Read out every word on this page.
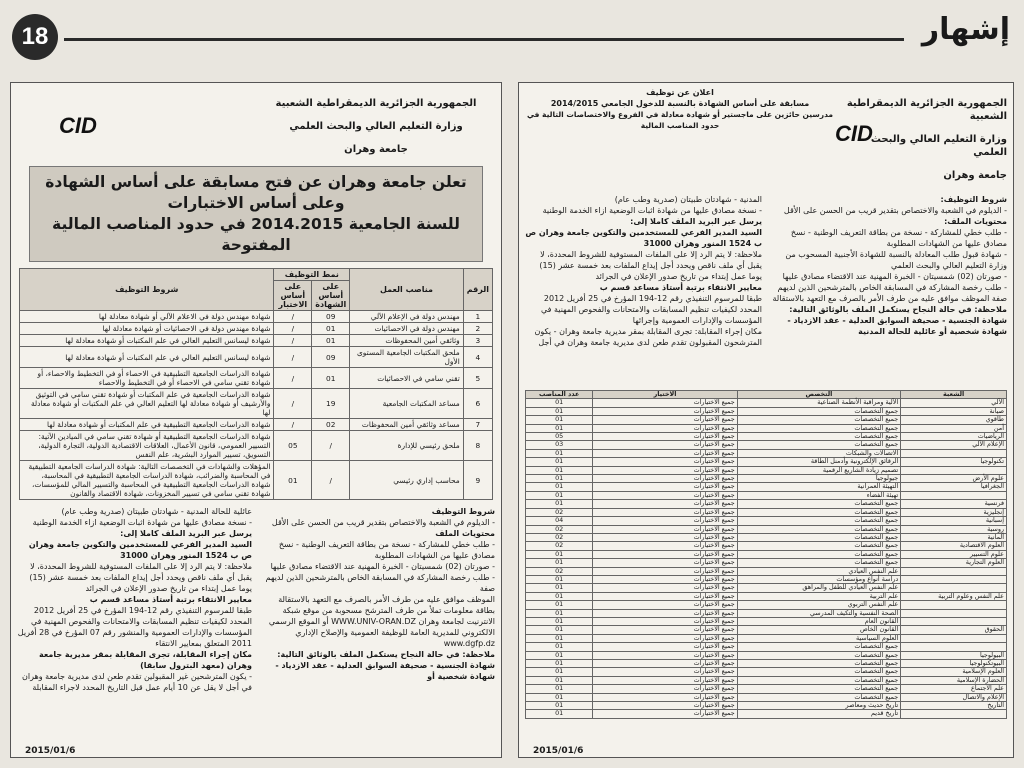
18	إشهار
CID

الجمهورية الجزائرية الديمقراطية الشعبية

وزارة التعليم العالي والبحث العلمي

جامعة وهران

اعلان عن توظيف

مسابقة على أساس الشهادة بالنسبة للدخول الجامعي 2014/2015

مدرسين حائزين على ماجستير أو شهادة معادلة في الفروع والاختصاصات التالية في حدود المناصب المالية

شروط التوظيف:

- الديلوم في الشعبة والاختصاص بتقدير قريب من الحسن على الأقل

محتويات الملف:

- طلب خطي للمشاركة - نسخة من بطاقة التعريف الوطنية - نسخ مصادق عليها من الشهادات المطلوبة

- شهادة قبول طلب المعادلة بالنسبة للشهادة الأجنبية المسحوب من وزارة التعليم العالي والبحث العلمي

- صورتان (02) شمسيتان - الخبرة المهنية عند الاقتضاء مصادق عليها

- طلب رخصة المشاركة في المسابقة الخاص بالمترشحين الذين لديهم صفة الموظف موافق عليه من طرف الأمر بالصرف مع التعهد بالاستقالة

ملاحظة: في حالة النجاح يستكمل الملف بالوثائق التالية: شهادة الجنسية - صحيفة السوابق العدلية - عقد الازدياد - شهادة شخصية أو عائلية للحالة المدنية

المدنية - شهادتان طبيتان (صدرية وطب عام)

- نسخة مصادق عليها من شهادة اثبات الوضعية ازاء الخدمة الوطنية

يرسل عبر البريد الملف كاملا إلى:

السيد المدير الفرعي للمستخدمين والتكوين جامعة وهران ص ب 1524 المنور وهران 31000

ملاحظة: لا يتم الرد إلا على الملفات المستوفية للشروط المحددة، لا يقبل أي ملف ناقص ويحدد أجل إيداع الملفات بعد خمسة عشر (15) يوما عمل إبتداء من تاريخ صدور الإعلان في الجرائد

معايير الانتقاء برتبة أستاذ مساعد قسم ب

طبقا للمرسوم التنفيذي رقم 12-194 المؤرخ في 25 أفريل 2012 المحدد لكيفيات تنظيم المسابقات والامتحانات والفحوص المهنية في المؤسسات والإدارات العمومية وإجرائها

مكان إجراء المقابلة: تجرى المقابلة بمقر مديرية جامعة وهران - يكون المترشحون المقبولون تقدم طعن لدى مديرية جامعة وهران في أجل

الشعبة	التخصص	الاختيار	عدد المناصب
الآلي	الآلية ومراقبة الأنظمة الصناعية	جميع الاختيارات	01
صيانة	جميع التخصصات	جميع الاختيارات	01
طاقوي	جميع التخصصات	جميع الاختيارات	01
أمن	جميع التخصصات	جميع الاختيارات	01
الرياضيات	جميع التخصصات	جميع الاختيارات	05
الإعلام الآلي	جميع التخصصات	جميع الاختيارات	03
	الاتصالات والشبكات	جميع الاختيارات	01
تكنولوجيا	الرقائق الإلكترونية وأدمنل الطاقة	جميع الاختيارات	01
	تصميم زيادة الشاريع الرقمية	جميع الاختيارات	01
علوم الأرض	جيولوجيا	جميع الاختيارات	01
الجغرافيا	التهيئة العمرانية	جميع الاختيارات	01
	تهيئة الفضاء	جميع الاختيارات	01
فرنسية	جميع التخصصات	جميع الاختيارات	01
إنجليزية	جميع التخصصات	جميع الاختيارات	02
إسبانية	جميع التخصصات	جميع الاختيارات	04
روسية	جميع التخصصات	جميع الاختيارات	02
ألمانية	جميع التخصصات	جميع الاختيارات	02
العلوم الاقتصادية	جميع التخصصات	جميع الاختيارات	02
علوم التسيير	جميع التخصصات	جميع الاختيارات	01
العلوم التجارية	جميع التخصصات	جميع الاختيارات	01
	علم النفس العيادي	جميع الاختيارات	02
	دراسة أنواع ومؤسسات	جميع الاختيارات	01
	علم النفس العيادي للطفل والمراهق	جميع الاختيارات	01
علم النفس وعلوم التربية	علم التربية	جميع الاختيارات	01
	علم النفس التربوي	جميع الاختيارات	01
	الصحة النفسية والتكيف المدرسي	جميع الاختيارات	01
	القانون العام	جميع الاختيارات	01
الحقوق	القانون الخاص	جميع الاختيارات	01
	العلوم السياسية	جميع الاختيارات	01
	جميع التخصصات	جميع الاختيارات	01
البيولوجيا	جميع التخصصات	جميع الاختيارات	01
البيوتكنولوجيا	جميع التخصصات	جميع الاختيارات	01
العلوم الإسلامية	جميع التخصصات	جميع الاختيارات	01
الحضارة الإسلامية	جميع التخصصات	جميع الاختيارات	01
علم الاجتماع	جميع التخصصات	جميع الاختيارات	01
الإعلام والاتصال	جميع التخصصات	جميع الاختيارات	01
التاريخ	تاريخ حديث ومعاصر	جميع الاختيارات	01
	تاريخ قديم	جميع الاختيارات	01
2015/01/6
CID

الجمهورية الجزائرية الديمقراطية الشعبية

وزارة التعليم العالي والبحث العلمي

جامعة وهران

تعلن جامعة وهران عن فتح مسابقة على أساس الشهادة وعلى أساس الاختبارات
للسنة الجامعية 2014.2015 في حدود المناصب المالية المفتوحة
الرقم	مناصب العمل	نمط التوظيف		شروط التوظيف
		على أساس الشهادة	على أساس الاختبار	
1	مهندس دولة في الإعلام الآلي	09	/	شهادة مهندس دولة في الاعلام الآلي أو شهادة معادلة لها
2	مهندس دولة في الاحصائيات	01	/	شهادة مهندس دولة في الاحصائيات أو شهادة معادلة لها
3	وثائقي أمين المحفوظات	01	/	شهادة ليسانس التعليم العالي في علم المكتبات أو شهادة معادلة لها
4	ملحق المكتبات الجامعية المستوى الأول	09	/	شهادة ليسانس التعليم العالي في علم المكتبات أو شهادة معادلة لها
5	تقني سامي في الاحصائيات	01	/	شهادة الدراسات الجامعية التطبيقية في الاحصاء أو في التخطيط والاحصاء، أو شهادة تقني سامي في الاحصاء أو في التخطيط والاحصاء
6	مساعد المكتبات الجامعية	19	/	شهادة الدراسات الجامعية في علم المكتبات أو شهادة تقني سامي في التوثيق والأرشيف أو شهادة معادلة لها التعليم العالي في علم المكتبات أو شهادة معادلة لها
7	مساعد وثائقي أمين المحفوظات	02	/	شهادة الدراسات الجامعية التطبيقية في علم المكتبات أو شهادة معادلة لها
8	ملحق رئيسي للإدارة	/	05	شهادة الدراسات الجامعية التطبيقية أو شهادة تقني سامي في الميادين الآتية: التسيير العمومي، قانون الأعمال، العلاقات الاقتصادية الدولية، التجارة الدولية، التسويق، تسيير الموارد البشرية، علم النفس
9	محاسب إداري رئيسي	/	01	المؤهلات والشهادات في التخصصات التالية: شهادة الدراسات الجامعية التطبيقية في المحاسبة والضرائب، شهادة الدراسات الجامعية التطبيقية في المحاسبة، شهادة الدراسات الجامعية التطبيقية في المحاسبة والتسيير المالي للمؤسسات، شهادة تقني سامي في تسيير المخزونات، شهادة الاقتصاد والقانون

شروط التوظيف

- الديلوم في الشعبة والاختصاص بتقدير قريب من الحسن على الأقل

محتويات الملف

- طلب خطي للمشاركة - نسخة من بطاقة التعريف الوطنية - نسخ مصادق عليها من الشهادات المطلوبة

- صورتان (02) شمسيتان - الخبرة المهنية عند الاقتضاء مصادق عليها

- طلب رخصة المشاركة في المسابقة الخاص بالمترشحين الذين لديهم صفة

الموظف موافق عليه من طرف الأمر بالصرف مع التعهد بالاستقالة

بطاقة معلومات تملأ من طرف المترشح مسحوبة من موقع شبكة الانترنيت لجامعة وهران WWW.UNIV-ORAN.DZ أو الموقع الرسمي الالكتروني للمديرية العامة للوظيفة العمومية والإصلاح الإداري www.dgfp.dz

ملاحظة: في حالة النجاح يستكمل الملف بالوثائق التالية: شهادة الجنسية - صحيفة السوابق العدلية - عقد الازدياد - شهادة شخصية أو

عائلية للحالة المدنية - شهادتان طبيتان (صدرية وطب عام)

- نسخة مصادق عليها من شهادة اثبات الوضعية ازاء الخدمة الوطنية

يرسل عبر البريد الملف كاملا إلى:

السيد المدير الفرعي للمستخدمين والتكوين جامعة وهران ص ب 1524 المنور وهران 31000

ملاحظة: لا يتم الرد إلا على الملفات المستوفية للشروط المحددة، لا يقبل أي ملف ناقص ويحدد أجل إيداع الملفات بعد خمسة عشر (15) يوما عمل إبتداء من تاريخ صدور الإعلان في الجرائد

معايير الانتقاء برتبة أستاذ مساعد قسم ب

طبقا للمرسوم التنفيذي رقم 12-194 المؤرخ في 25 أفريل 2012 المحدد لكيفيات تنظيم المسابقات والامتحانات والفحوص المهنية في المؤسسات والإدارات العمومية والمنشور رقم 07 المؤرخ في 28 أفريل 2011 المتعلق بمعايير الانتقاء

مكان إجراء المقابلة، تجرى المقابلة بمقر مديرية جامعة وهران (معهد البترول سابقا)

- يكون المترشحين غير المقبولين تقدم طعن لدى مديرية جامعة وهران في أجل لا يقل عن 10 أيام عمل قبل التاريخ المحدد لاجراء المقابلة

2015/01/6
